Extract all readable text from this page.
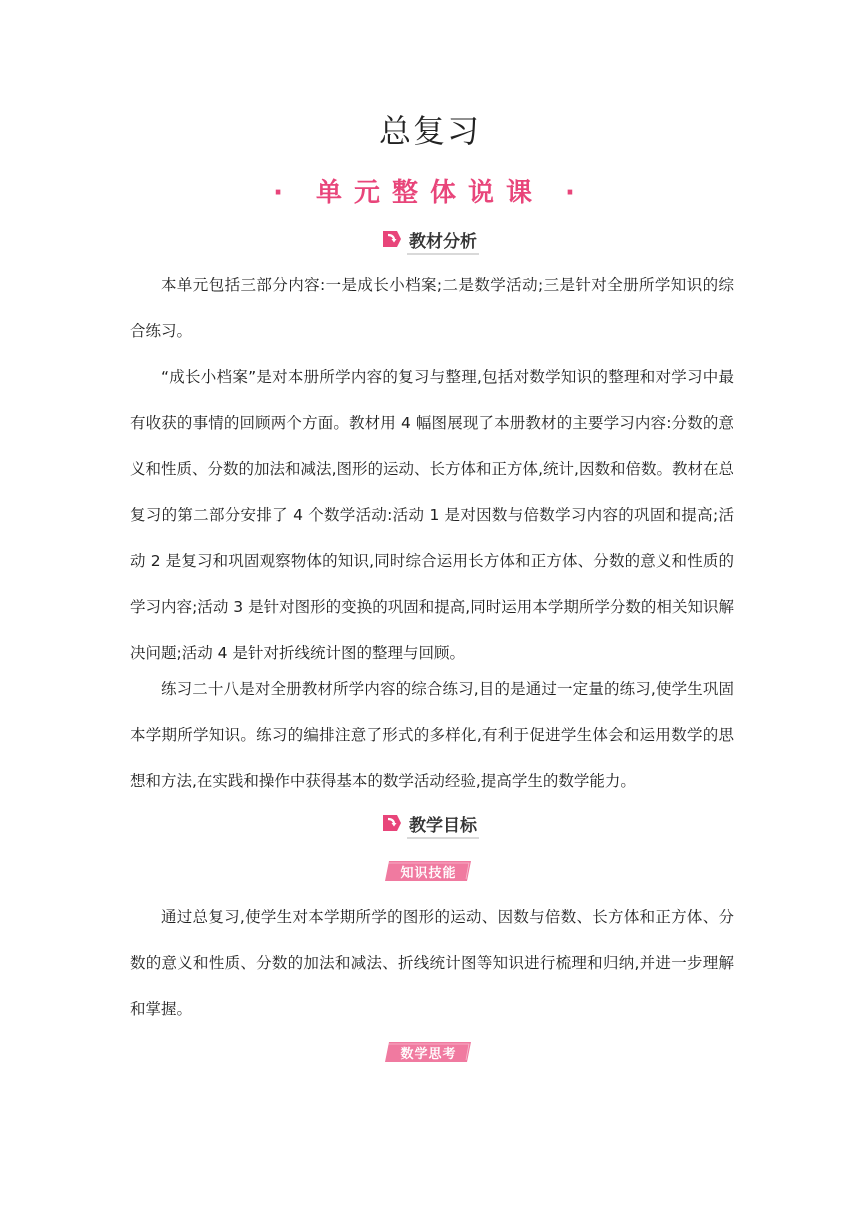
总复习
· 单元整体说课 ·
教材分析

本单元包括三部分内容:一是成长小档案;二是数学活动;三是针对全册所学知识的综合练习。

“成长小档案”是对本册所学内容的复习与整理,包括对数学知识的整理和对学习中最有收获的事情的回顾两个方面。教材用 4 幅图展现了本册教材的主要学习内容:分数的意义和性质、分数的加法和减法,图形的运动、长方体和正方体,统计,因数和倍数。教材在总复习的第二部分安排了 4 个数学活动:活动 1 是对因数与倍数学习内容的巩固和提高;活动 2 是复习和巩固观察物体的知识,同时综合运用长方体和正方体、分数的意义和性质的学习内容;活动 3 是针对图形的变换的巩固和提高,同时运用本学期所学分数的相关知识解决问题;活动 4 是针对折线统计图的整理与回顾。

练习二十八是对全册教材所学内容的综合练习,目的是通过一定量的练习,使学生巩固本学期所学知识。练习的编排注意了形式的多样化,有利于促进学生体会和运用数学的思想和方法,在实践和操作中获得基本的数学活动经验,提高学生的数学能力。

教学目标
知识技能

通过总复习,使学生对本学期所学的图形的运动、因数与倍数、长方体和正方体、分数的意义和性质、分数的加法和减法、折线统计图等知识进行梳理和归纳,并进一步理解和掌握。

数学思考
